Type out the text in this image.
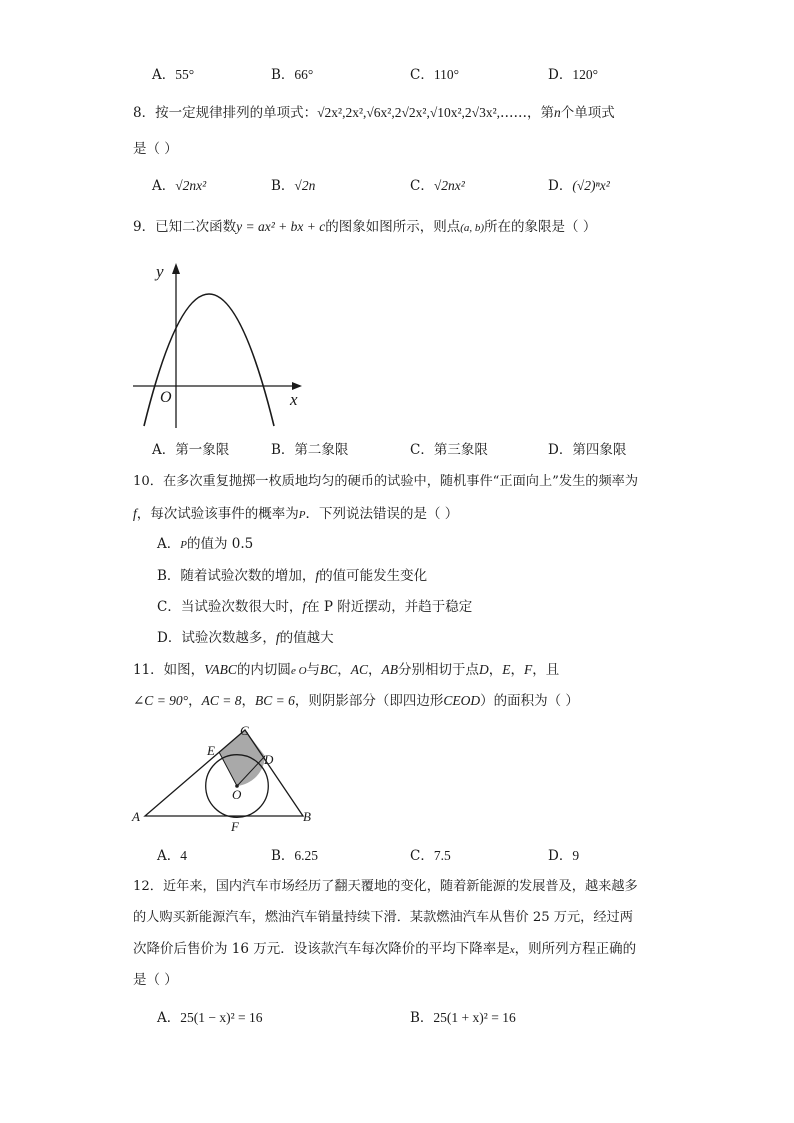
A．55°	B．66°	C．110°	D．120°
8．按一定规律排列的单项式：√2x²,2x²,√6x²,2√2x²,√10x²,2√3x²,……，第n个单项式
是（ ）
A．√2nx²	B．√2n	C．√2nx²	D．(√2)ⁿx²
9．已知二次函数y = ax² + bx + c的图象如图所示，则点(a, b)所在的象限是（ ）
y
x
O
A．第一象限	B．第二象限	C．第三象限	D．第四象限
10．在多次重复抛掷一枚质地均匀的硬币的试验中，随机事件“正面向上”发生的频率为
f，每次试验该事件的概率为P．下列说法错误的是（ ）
A．P的值为 0.5
B．随着试验次数的增加，f的值可能发生变化
C．当试验次数很大时，f在 P 附近摆动，并趋于稳定
D．试验次数越多，f的值越大
11．如图，VABC的内切圆e O与BC，AC，AB分别相切于点D，E，F，且
∠C = 90°，AC = 8，BC = 6，则阴影部分（即四边形CEOD）的面积为（ ）
A	B
C
D
E
F
O
A．4	B．6.25	C．7.5	D．9
12．近年来，国内汽车市场经历了翻天覆地的变化，随着新能源的发展普及，越来越多
的人购买新能源汽车，燃油汽车销量持续下滑．某款燃油汽车从售价 25 万元，经过两
次降价后售价为 16 万元．设该款汽车每次降价的平均下降率是x，则所列方程正确的
是（ ）
A．25(1 − x)² = 16	B．25(1 + x)² = 16
